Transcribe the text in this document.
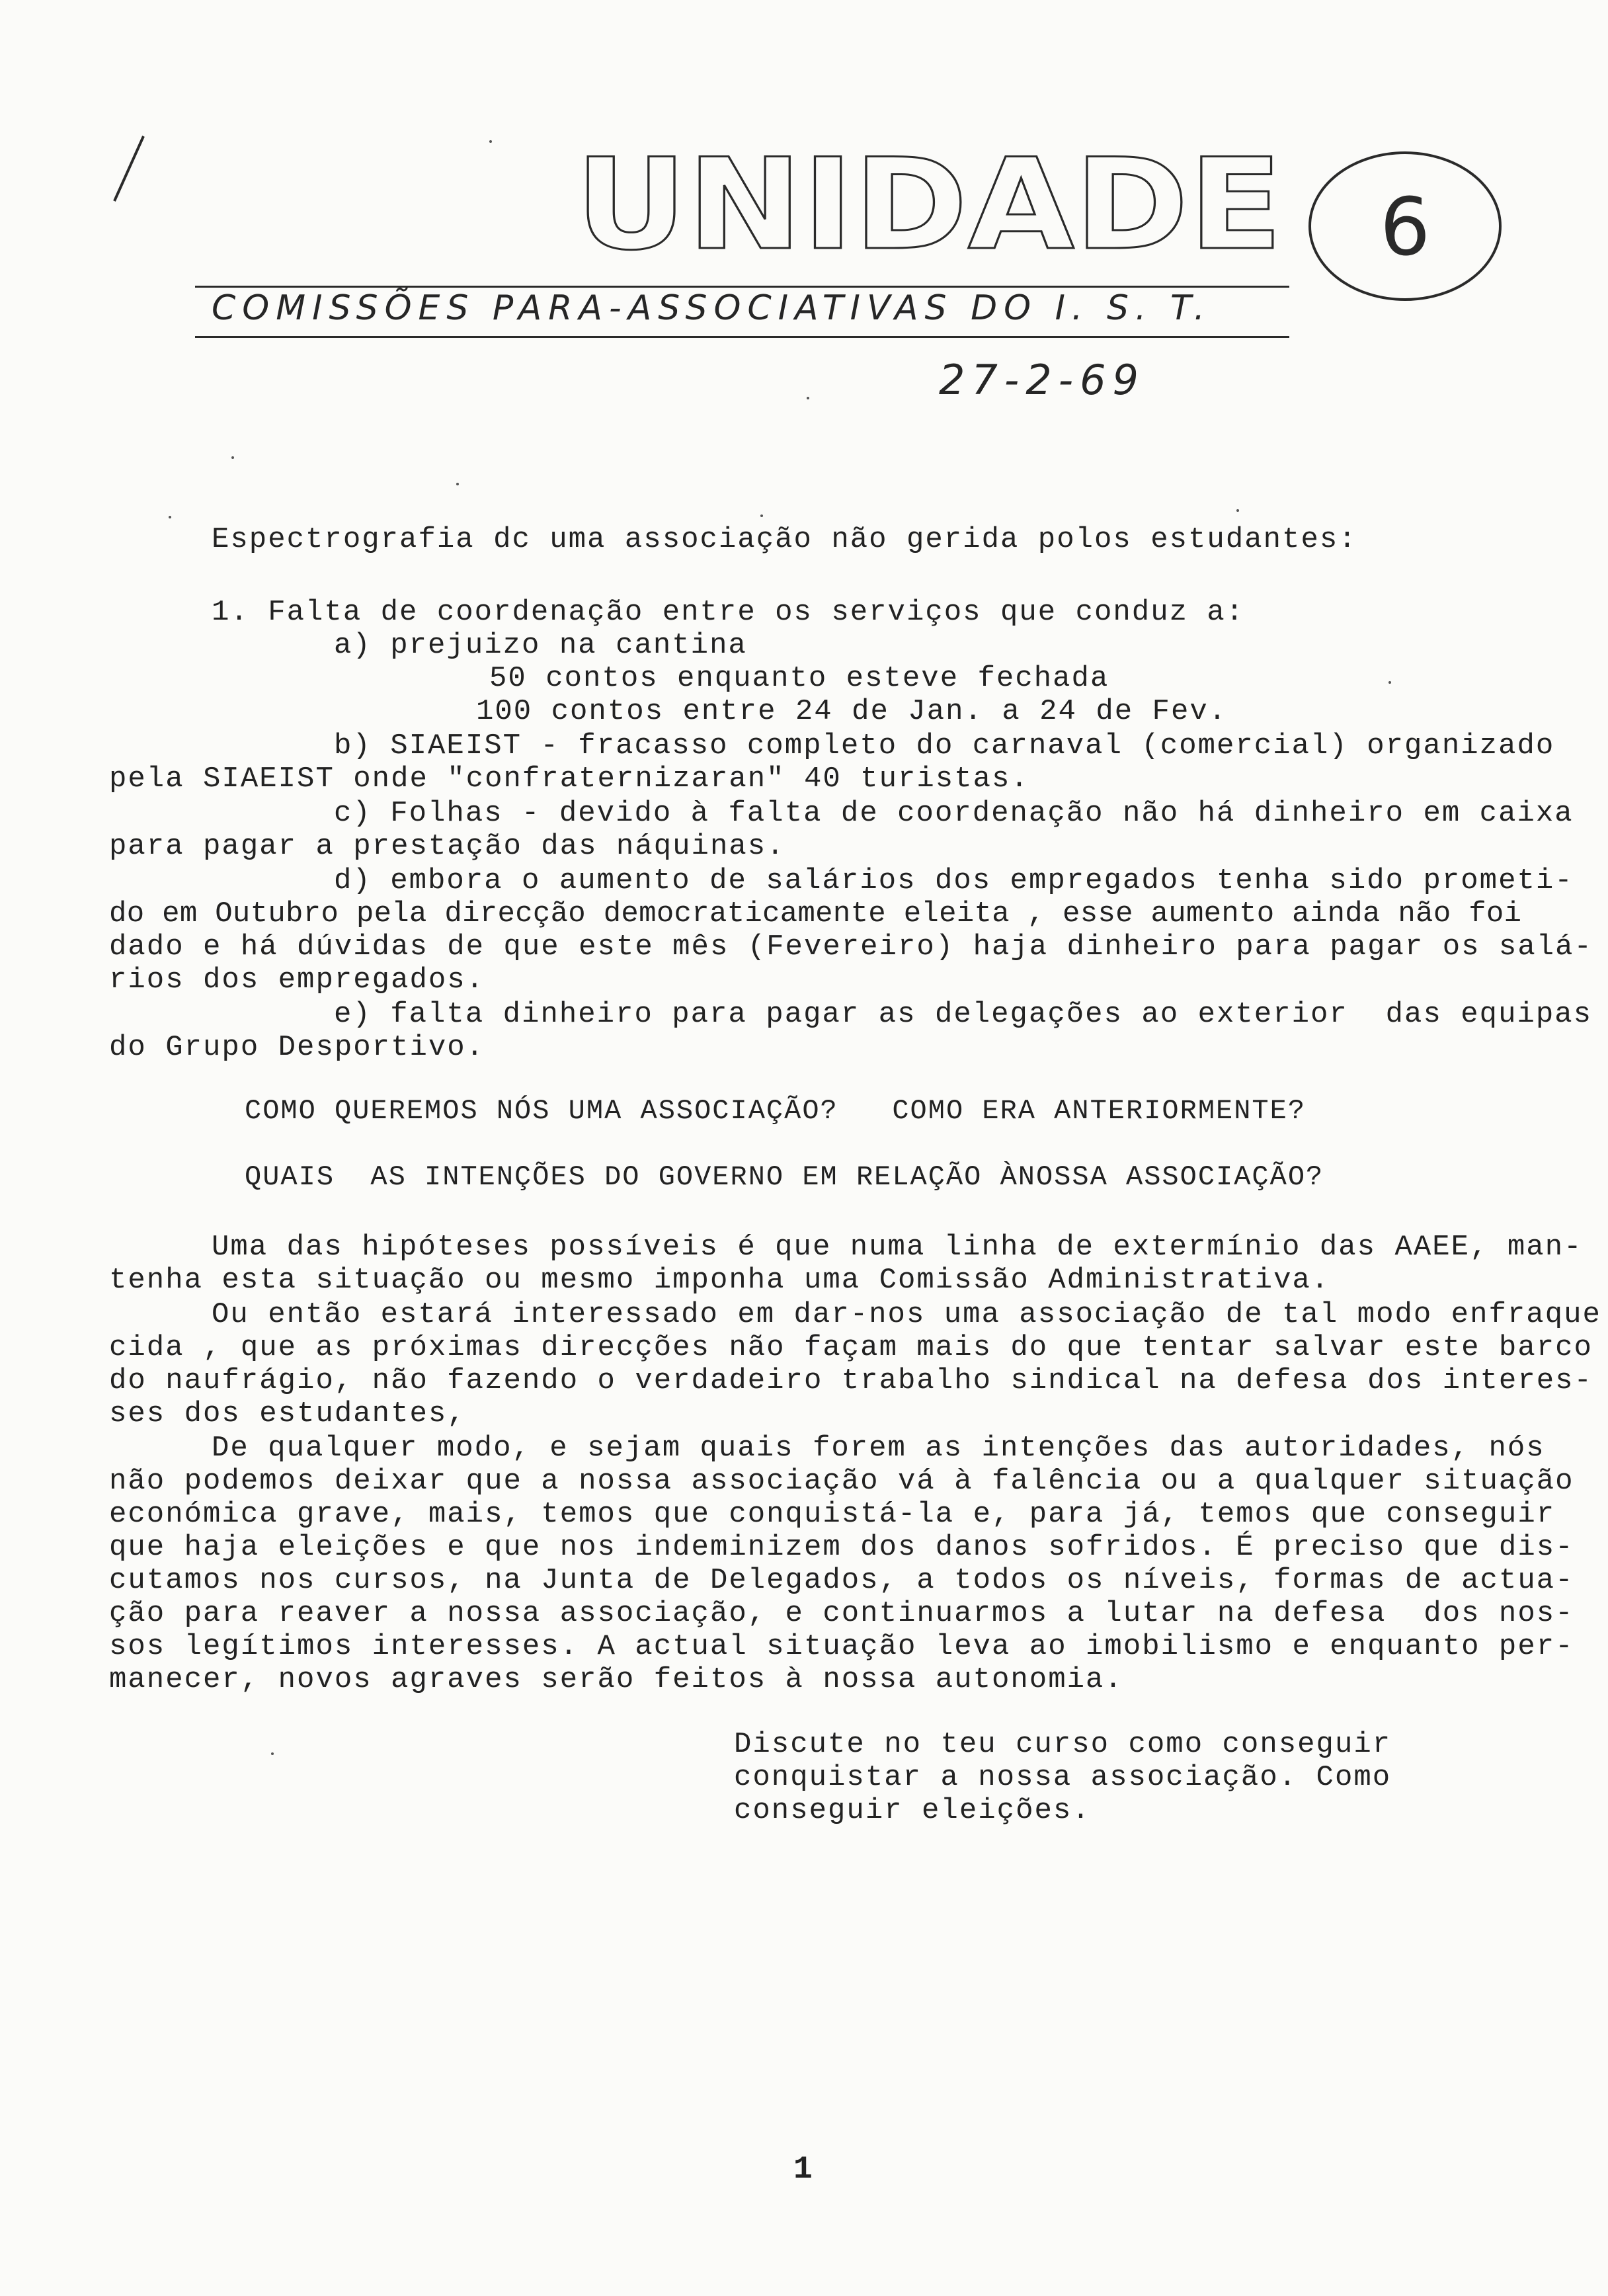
UNIDADE 6
COMISSÕES PARA-ASSOCIATIVAS DO I. S. T.
27-2-69
Espectrografia dc uma associação não gerida polos estudantes:
1. Falta de coordenação entre os serviços que conduz a:
a) prejuizo na cantina
50 contos enquanto esteve fechada
100 contos entre 24 de Jan. a 24 de Fev.
b) SIAEIST - fracasso completo do carnaval (comercial) organizado
pela SIAEIST onde "confraternizaran" 40 turistas.
c) Folhas - devido à falta de coordenação não há dinheiro em caixa
para pagar a prestação das náquinas.
d) embora o aumento de salários dos empregados tenha sido prometi-
do em Outubro pela direcção democraticamente eleita , esse aumento ainda não foi
dado e há dúvidas de que este mês (Fevereiro) haja dinheiro para pagar os salá-
rios dos empregados.
e) falta dinheiro para pagar as delegações ao exterior  das equipas
do Grupo Desportivo.
COMO QUEREMOS NÓS UMA ASSOCIAÇÃO?   COMO ERA ANTERIORMENTE?
QUAIS  AS INTENÇÕES DO GOVERNO EM RELAÇÃO ÀNOSSA ASSOCIAÇÃO?
Uma das hipóteses possíveis é que numa linha de extermínio das AAEE, man-
tenha esta situação ou mesmo imponha uma Comissão Administrativa.
Ou então estará interessado em dar-nos uma associação de tal modo enfraque
cida , que as próximas direcções não façam mais do que tentar salvar este barco
do naufrágio, não fazendo o verdadeiro trabalho sindical na defesa dos interes-
ses dos estudantes,
De qualquer modo, e sejam quais forem as intenções das autoridades, nós
não podemos deixar que a nossa associação vá à falência ou a qualquer situação
económica grave, mais, temos que conquistá-la e, para já, temos que conseguir
que haja eleições e que nos indeminizem dos danos sofridos. É preciso que dis-
cutamos nos cursos, na Junta de Delegados, a todos os níveis, formas de actua-
ção para reaver a nossa associação, e continuarmos a lutar na defesa  dos nos-
sos legítimos interesses. A actual situação leva ao imobilismo e enquanto per-
manecer, novos agraves serão feitos à nossa autonomia.
Discute no teu curso como conseguir
conquistar a nossa associação. Como
conseguir eleições.
1
